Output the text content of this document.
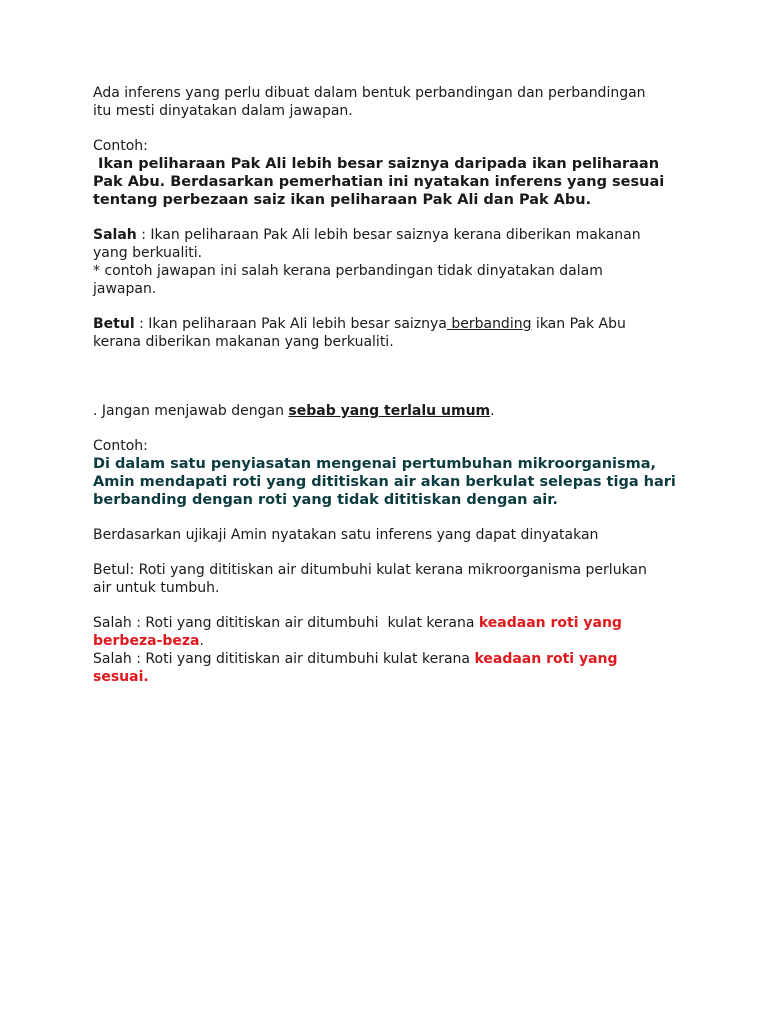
Ada inferens yang perlu dibuat dalam bentuk perbandingan dan perbandingan

itu mesti dinyatakan dalam jawapan.

Contoh:

Ikan peliharaan Pak Ali lebih besar saiznya daripada ikan peliharaan

Pak Abu. Berdasarkan pemerhatian ini nyatakan inferens yang sesuai

tentang perbezaan saiz ikan peliharaan Pak Ali dan Pak Abu.

Salah : Ikan peliharaan Pak Ali lebih besar saiznya kerana diberikan makanan

yang berkualiti.

* contoh jawapan ini salah kerana perbandingan tidak dinyatakan dalam

jawapan.

Betul : Ikan peliharaan Pak Ali lebih besar saiznya berbanding ikan Pak Abu

kerana diberikan makanan yang berkualiti.

. Jangan menjawab dengan sebab yang terlalu umum.

Contoh:

Di dalam satu penyiasatan mengenai pertumbuhan mikroorganisma,

Amin mendapati roti yang dititiskan air akan berkulat selepas tiga hari

berbanding dengan roti yang tidak dititiskan dengan air.

Berdasarkan ujikaji Amin nyatakan satu inferens yang dapat dinyatakan

Betul: Roti yang dititiskan air ditumbuhi kulat kerana mikroorganisma perlukan

air untuk tumbuh.

Salah : Roti yang dititiskan air ditumbuhi  kulat kerana keadaan roti yang

berbeza-beza.

Salah : Roti yang dititiskan air ditumbuhi kulat kerana keadaan roti yang

sesuai.
